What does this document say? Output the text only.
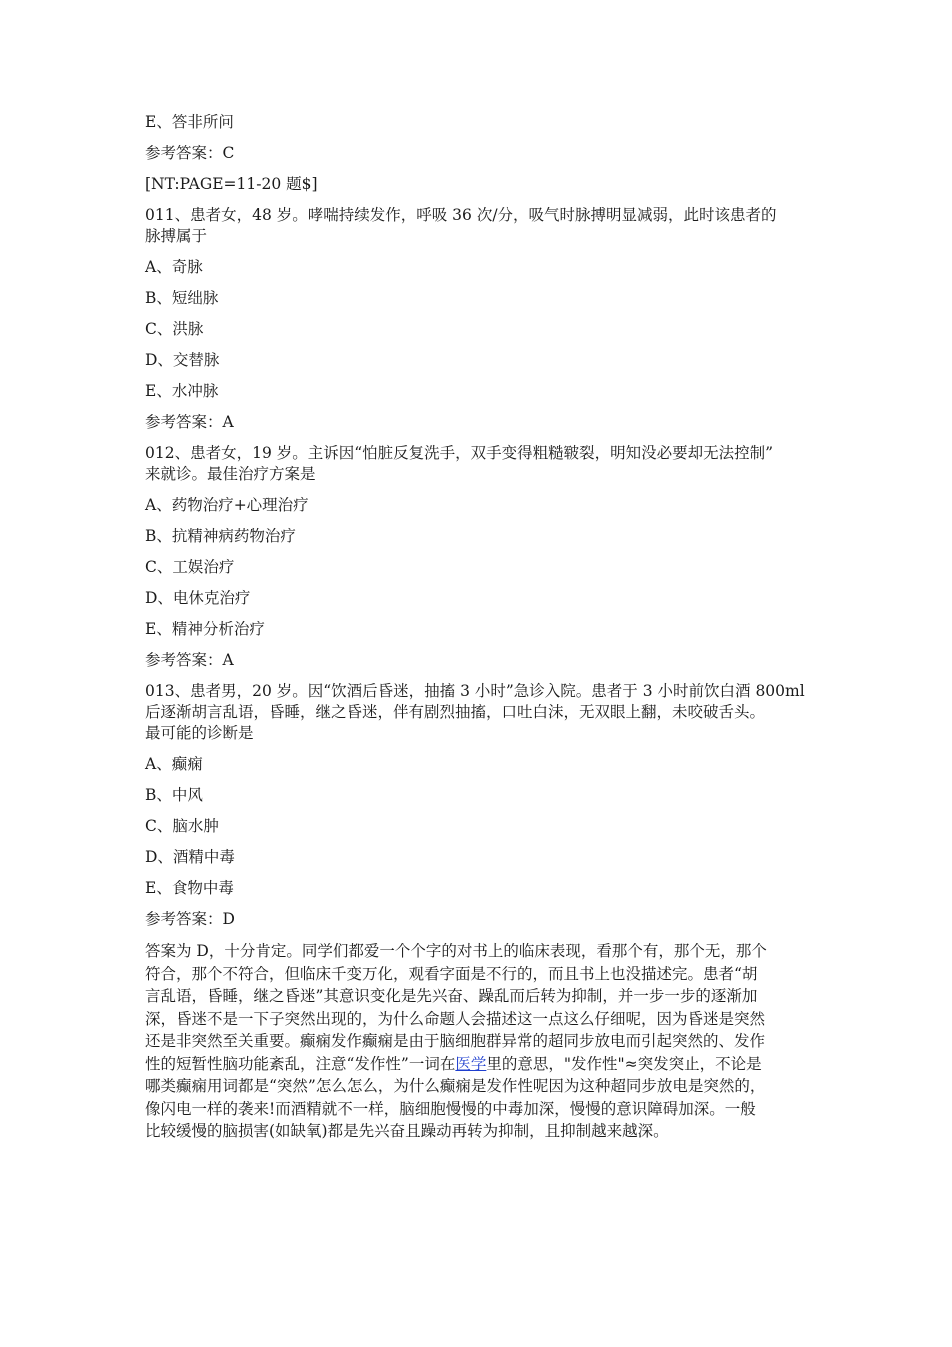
E、答非所问

参考答案：C

[NT:PAGE=11-20 题$]

011、患者女，48 岁。哮喘持续发作，呼吸 36 次/分，吸气时脉搏明显减弱，此时该患者的
脉搏属于

A、奇脉

B、短绌脉

C、洪脉

D、交替脉

E、水冲脉

参考答案：A

012、患者女，19 岁。主诉因“怕脏反复洗手，双手变得粗糙皲裂，明知没必要却无法控制”
来就诊。最佳治疗方案是

A、药物治疗+心理治疗

B、抗精神病药物治疗

C、工娱治疗

D、电休克治疗

E、精神分析治疗

参考答案：A

013、患者男，20 岁。因“饮酒后昏迷，抽搐 3 小时”急诊入院。患者于 3 小时前饮白酒 800ml
后逐渐胡言乱语，昏睡，继之昏迷，伴有剧烈抽搐，口吐白沫，无双眼上翻，未咬破舌头。
最可能的诊断是

A、癫痫

B、中风

C、脑水肿

D、酒精中毒

E、食物中毒

参考答案：D

答案为 D，十分肯定。同学们都爱一个个字的对书上的临床表现，看那个有，那个无，那个
符合，那个不符合，但临床千变万化，观看字面是不行的，而且书上也没描述完。患者“胡
言乱语，昏睡，继之昏迷”其意识变化是先兴奋、躁乱而后转为抑制，并一步一步的逐渐加
深，昏迷不是一下子突然出现的，为什么命题人会描述这一点这么仔细呢，因为昏迷是突然
还是非突然至关重要。癫痫发作癫痫是由于脑细胞群异常的超同步放电而引起突然的、发作
性的短暂性脑功能紊乱，注意“发作性”一词在医学里的意思，"发作性"≈突发突止，不论是
哪类癫痫用词都是“突然”怎么怎么，为什么癫痫是发作性呢因为这种超同步放电是突然的，
像闪电一样的袭来!而酒精就不一样，脑细胞慢慢的中毒加深，慢慢的意识障碍加深。一般
比较缓慢的脑损害(如缺氧)都是先兴奋且躁动再转为抑制，且抑制越来越深。
